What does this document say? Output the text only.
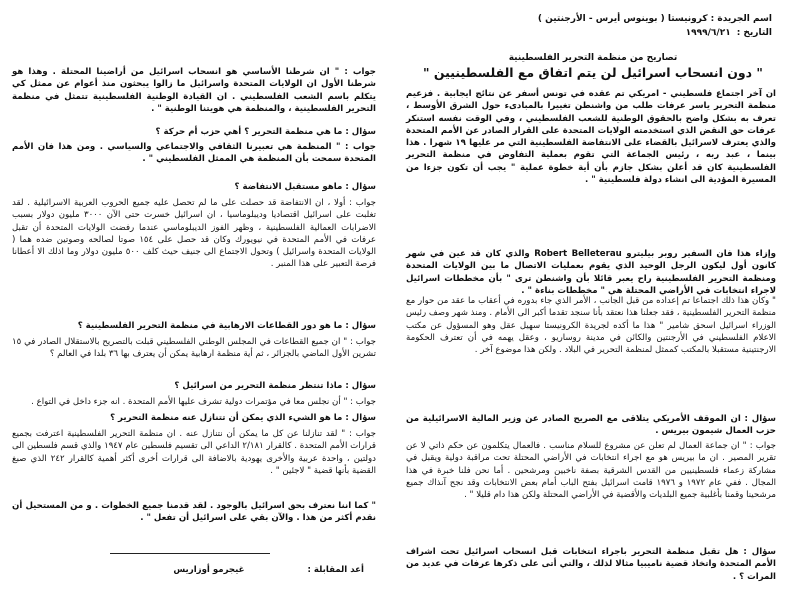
اسم الجريدة : كرونيستا ( بوينوس أيرس - الأرجنتين )
التاريخ :١٩٩٩/٦/٢١
تصاريح من منظمة التحرير الفلسطينية
" دون انسحاب اسرائيل لن يتم اتفاق مع الفلسطينيين "

ان آخر اجتماع فلسطيني - امريكي تم عقده في تونس أسفر عن نتائج ايجابية . فزعيم منظمة التحرير ياسر عرفات طلب من واشنطن تغييرا بالمبادىء حول الشرق الأوسط ، تعرف به بشكل واضح بالحقوق الوطنية للشعب الفلسطيني ، وفي الوقت نفسه استنكر عرفات حق النقض الذي استخدمته الولايات المتحدة على القرار الصادر عن الأمم المتحدة والذي يعترف لاسرائيل بالقضاء على الانتفاضة الفلسطينية التي مر عليها ١٩ شهرا . هذا بينما ، عبد ربه ، رئيس الجماعة التي تقوم بعملية التفاوض في منظمة التحرير الفلسطينية كان قد أعلن بشكل جازم بأن أية خطوة عملية " يجب أن تكون جزءا من المسيرة المؤدية الى انشاء دولة فلسطينية " .

وإزاء هذا فان السفير روبر بيليترو Robert Belleterau والذي كان قد عين في شهر كانون أول ليكون الرجل الوحيد الذي يقوم بعمليات الاتصال ما بين الولايات المتحدة ومنظمة التحرير الفلسطينية راح يعبر قائلا بأن واشنطن ترى " بأن مخططات اسرائيل لاجراء انتخابات في الأراضي المحتلة هي " مخططات بناءة " .

" وكان هذا ذلك اجتماعا تم إعداده من قبل الجانب ، الأمر الذي جاء بدوره في أعقاب ما عقد من حوار مع منظمة التحرير الفلسطينية ، فقد جعلنا هذا نعتقد بأنا سنجد تقدما أكبر الى الأمام . ومنذ شهر وصف رئيس الوزراء اسرائيل اسحق شامير " هذا ما أكده لجريدة الكرونيستا سهيل عقل وهو المسؤول عن مكتب الاعلام الفلسطيني في الأرجنتين والكائن في مدينة روساريو ، وعقل يهمه في أن تعترف الحكومة الارجنتينية مستقبلا بالمكتب كممثل لمنظمة التحرير في البلاد . ولكن هذا موضوع آخر .

سؤال : ان الموقف الأمريكي يتلاقى مع الصريح الصادر عن وزير المالية الاسرائيلية من حزب العمال شيمون بيريس .

جواب : " ان جماعة العمال لم تعلن عن مشروع للسلام مناسب . فالعمال يتكلمون عن حكم ذاتي لا عن تقرير المصير . ان ما بيريس هو مع اجراء انتخابات في الأراضي المحتلة تحت مراقبة دولية ويقبل في مشاركة زعماء فلسطينيين من القدس الشرقية بصفة ناخبين ومرشحين . أما نحن فلنا خبرة في هذا المجال . ففي عام ١٩٧٢ و ١٩٧٦ قامت اسرائيل بفتح الباب أمام بعض الانتخابات وقد نجح آنذاك جميع مرشحينا وقمنا بأغلبية جميع البلديات والأقضية في الأراضي المحتلة ولكن هذا دام قليلا " .

سؤال : هل تقبل منظمة التحرير باجراء انتخابات قبل انسحاب اسرائيل تحت اشراف الأمم المتحدة واتخاذ قضية ناميبيا مثالا لذلك ، والتي أتى على ذكرها عرفات في عديد من المرات ؟ .

جواب : " ان شرطنا الأساسي هو انسحاب اسرائيل من أراضينا المحتلة . وهذا هو شرطنا الأول ان الولايات المتحدة واسرائيل ما زالوا يبحثون منذ أعوام عن ممثل كي يتكلم باسم الشعب الفلسطيني . ان القيادة الوطنية الفلسطينية تتمثل في منظمة التحرير الفلسطينية ، والمنظمة هي هويتنا الوطنية " .

سؤال : ما هي منظمة التحرير ؟ أهي حزب أم حركة ؟

جواب : " المنظمة هي تعبيرنا الثقافي والاجتماعي والسياسي . ومن هذا فان الأمم المتحدة سمحت بأن المنظمة هي الممثل الفلسطيني " .

سؤال : ماهو مستقبل الانتفاضة ؟

جواب : أولا ، ان الانتفاضة قد حصلت على ما لم تحصل عليه جميع الحروب العربية الاسرائيلية . لقد تغلبت على اسرائيل اقتصاديا وديبلوماسيا ، ان اسرائيل خسرت حتى الآن ٣٠٠٠ مليون دولار بسبب الاضرابات العمالية الفلسطينية ، وظهر الفوز الديبلوماسي عندما رفضت الولايات المتحدة أن تقبل عرفات في الأمم المتحدة في نيويورك وكان قد حصل على ١٥٤ صوتا لصالحه وصوتين ضده هما ( الولايات المتحدة واسرائيل ) وتحول الاجتماع الى جنيف حيث كلف ٥٠٠ مليون دولار وما اذلك الا أعطانا فرصة التعبير على هذا المنبر .

سؤال : ما هو دور القطاعات الارهابية في منظمة التحرير الفلسطينية ؟

جواب : " ان جميع القطاعات في المجلس الوطني الفلسطيني قبلت بالتصريح بالاستقلال الصادر في ١٥ تشرين الأول الماضي بالجزائر ، ثم أية منظمة ارهابية يمكن أن يعترف بها ٣٦ بلدا في العالم ؟

سؤال : ماذا تنتظر منظمة التحرير من اسرائيل ؟

جواب : " أن نجلس معا في مؤتمرات دولية تشرف عليها الأمم المتحدة . انه جزء داخل في التواع .

سؤال : ما هو الشيء الذي يمكن أن تتنازل عنه منظمة التحرير ؟

جواب : " لقد تنازلنا عن كل ما يمكن أن نتنازل عنه . ان منظمة التحرير الفلسطينية اعترفت بجميع قرارات الأمم المتحدة . كالقرار ٢/١٨١ الداعي الى تقسيم فلسطين عام ١٩٤٧ والذي قسم فلسطين الى دولتين ، واحدة عربية والأخرى يهودية بالاضافة الى قرارات أخرى أكثر أهمية كالقرار ٢٤٢ الذي صبغ القضية بأنها قضية " لاجئين " .

" كما اننا نعترف بحق اسرائيل بالوجود . لقد قدمنا جميع الخطوات . و من المستحيل أن نقدم أكثر من هذا . والآن بقي على اسرائيل أن تفعل " .

أعد المقابلة : غيجرمو أوزاريس
